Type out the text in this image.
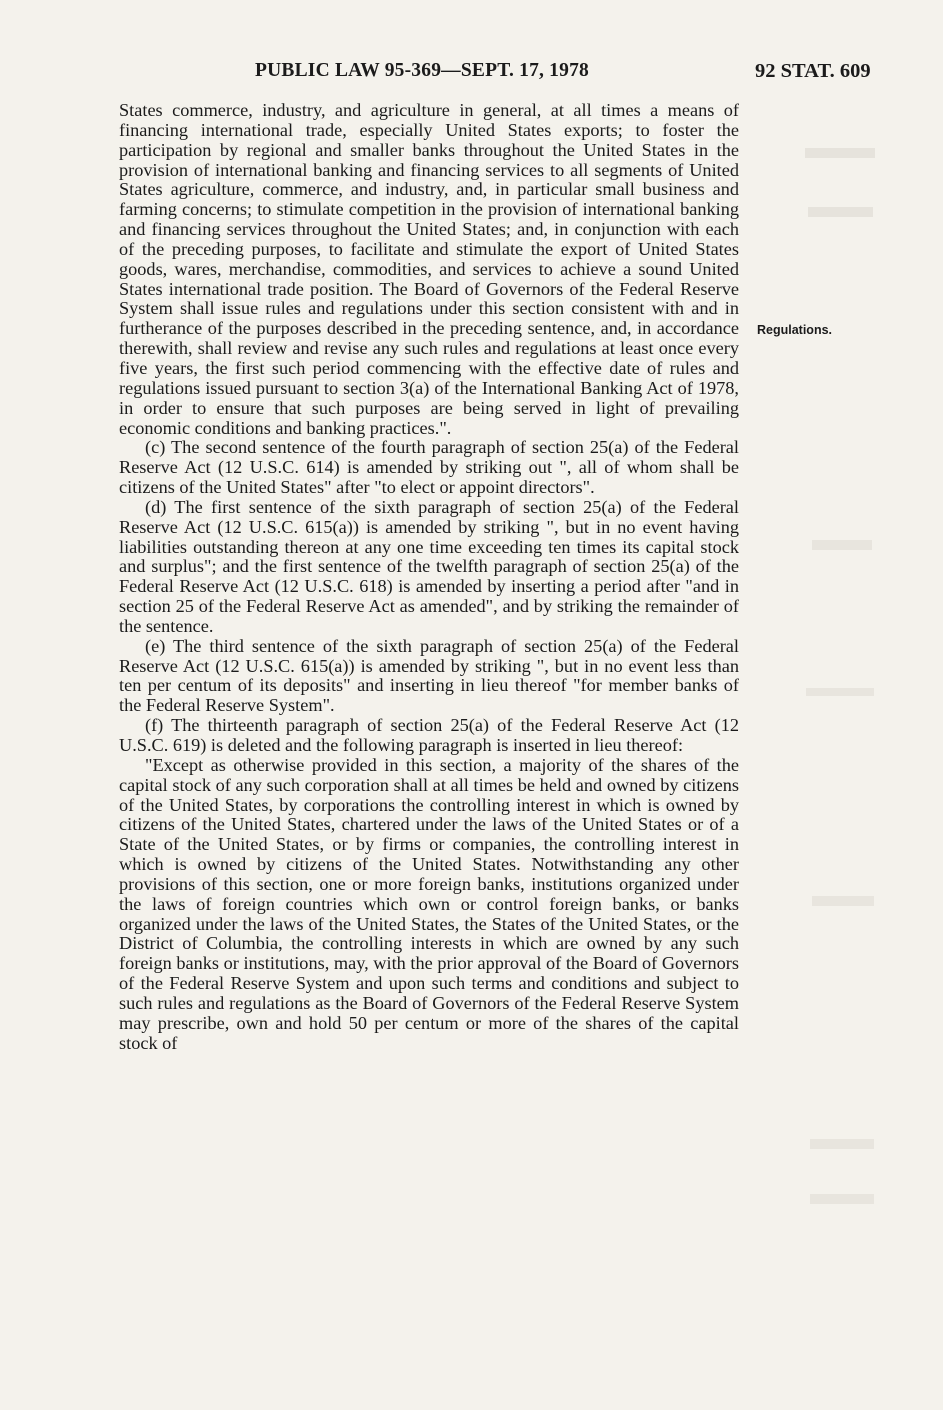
PUBLIC LAW 95-369—SEPT. 17, 1978	92 STAT. 609
Regulations.

States commerce, industry, and agriculture in general, at all times a means of financing international trade, especially United States exports; to foster the participation by regional and smaller banks throughout the United States in the provision of international banking and financing services to all segments of United States agriculture, commerce, and industry, and, in particular small business and farming concerns; to stimulate competition in the provision of international banking and financing services throughout the United States; and, in conjunction with each of the preceding purposes, to facilitate and stimulate the export of United States goods, wares, merchandise, commodities, and services to achieve a sound United States international trade position. The Board of Governors of the Federal Reserve System shall issue rules and regulations under this section consistent with and in furtherance of the purposes described in the preceding sentence, and, in accordance therewith, shall review and revise any such rules and regulations at least once every five years, the first such period commencing with the effective date of rules and regulations issued pursuant to section 3(a) of the International Banking Act of 1978, in order to ensure that such purposes are being served in light of prevailing economic conditions and banking practices.".

(c) The second sentence of the fourth paragraph of section 25(a) of the Federal Reserve Act (12 U.S.C. 614) is amended by striking out ", all of whom shall be citizens of the United States" after "to elect or appoint directors".

(d) The first sentence of the sixth paragraph of section 25(a) of the Federal Reserve Act (12 U.S.C. 615(a)) is amended by striking ", but in no event having liabilities outstanding thereon at any one time exceeding ten times its capital stock and surplus"; and the first sentence of the twelfth paragraph of section 25(a) of the Federal Reserve Act (12 U.S.C. 618) is amended by inserting a period after "and in section 25 of the Federal Reserve Act as amended", and by striking the remainder of the sentence.

(e) The third sentence of the sixth paragraph of section 25(a) of the Federal Reserve Act (12 U.S.C. 615(a)) is amended by striking ", but in no event less than ten per centum of its deposits" and inserting in lieu thereof "for member banks of the Federal Reserve System".

(f) The thirteenth paragraph of section 25(a) of the Federal Reserve Act (12 U.S.C. 619) is deleted and the following paragraph is inserted in lieu thereof:

"Except as otherwise provided in this section, a majority of the shares of the capital stock of any such corporation shall at all times be held and owned by citizens of the United States, by corporations the controlling interest in which is owned by citizens of the United States, chartered under the laws of the United States or of a State of the United States, or by firms or companies, the controlling interest in which is owned by citizens of the United States. Notwithstanding any other provisions of this section, one or more foreign banks, institutions organized under the laws of foreign countries which own or control foreign banks, or banks organized under the laws of the United States, the States of the United States, or the District of Columbia, the controlling interests in which are owned by any such foreign banks or institutions, may, with the prior approval of the Board of Governors of the Federal Reserve System and upon such terms and conditions and subject to such rules and regulations as the Board of Governors of the Federal Reserve System may prescribe, own and hold 50 per centum or more of the shares of the capital stock of
